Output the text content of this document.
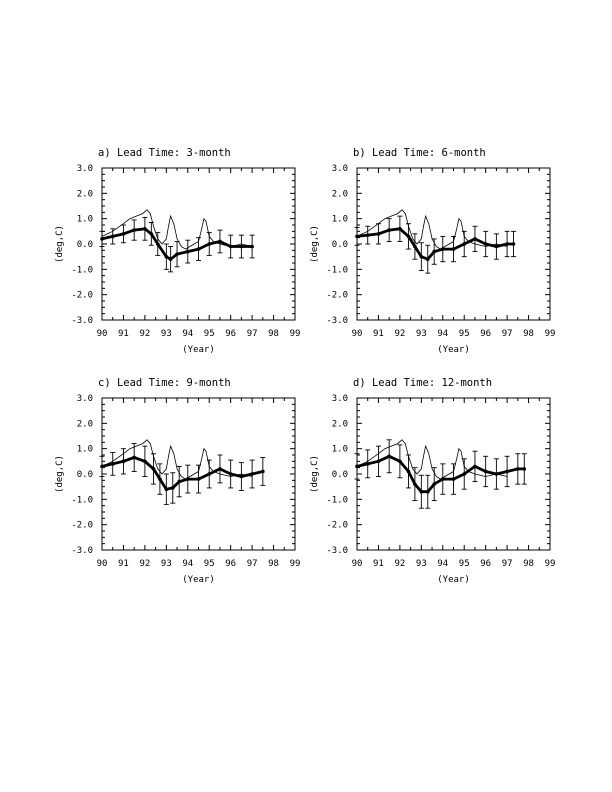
a) Lead Time: 3-month
90 91 92 93 94 95 96 97 98 99
3.0
2.0
1.0
0.0
-1.0
-2.0
-3.0
(Year)
(deg,C)
b) Lead Time: 6-month
90 91 92 93 94 95 96 97 98 99
3.0
2.0
1.0
0.0
-1.0
-2.0
-3.0
(Year)
(deg,C)
c) Lead Time: 9-month
90 91 92 93 94 95 96 97 98 99
3.0
2.0
1.0
0.0
-1.0
-2.0
-3.0
(Year)
(deg,C)
d) Lead Time: 12-month
90 91 92 93 94 95 96 97 98 99
3.0
2.0
1.0
0.0
-1.0
-2.0
-3.0
(Year)
(deg,C)
